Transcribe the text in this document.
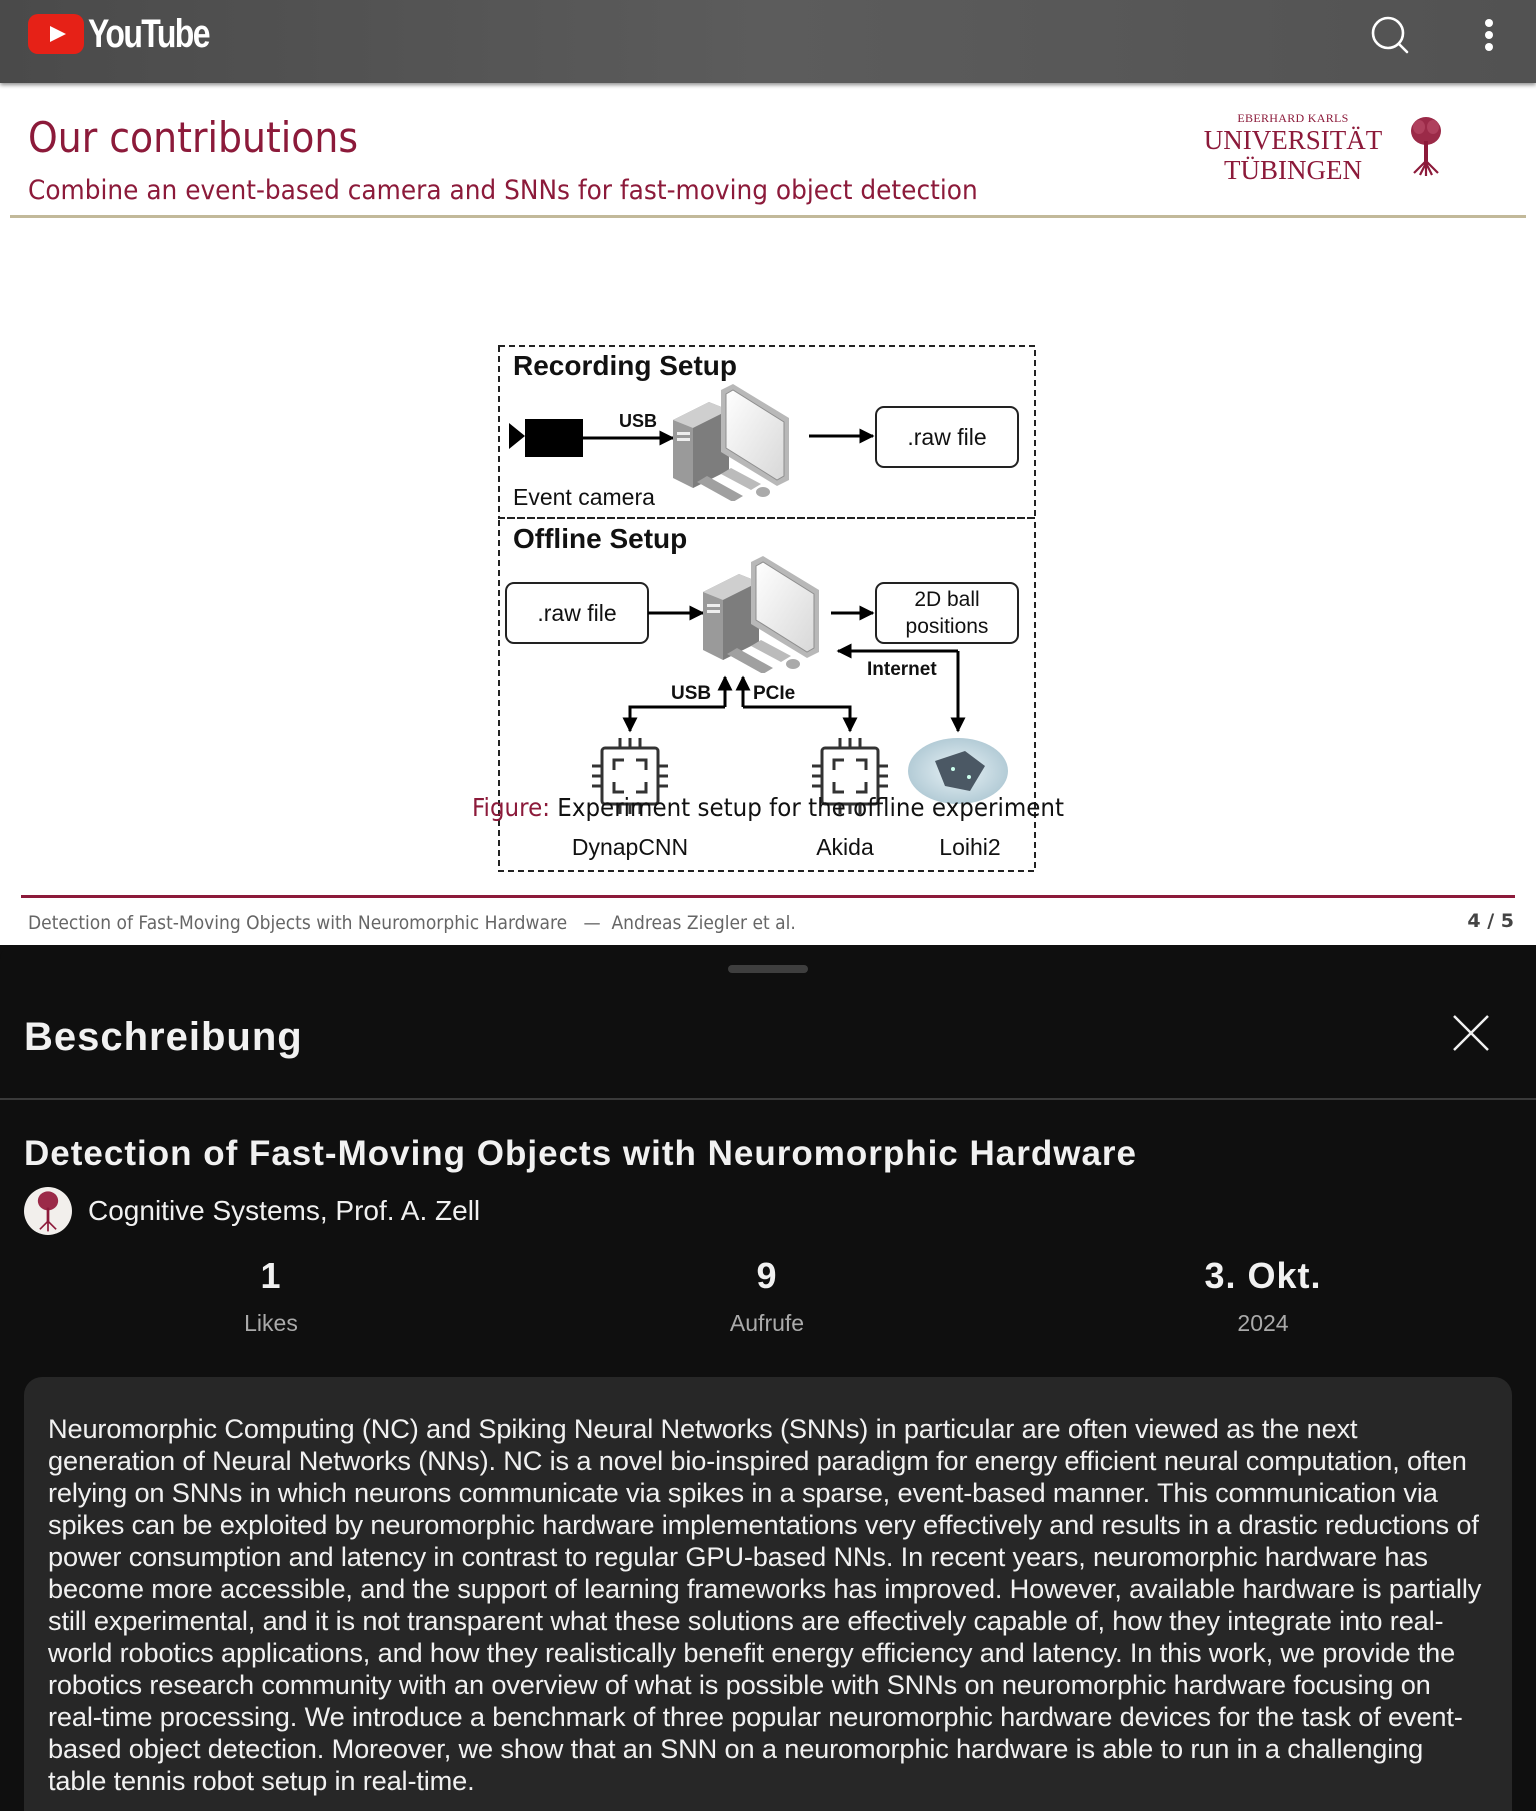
YouTube
Our contributions
Combine an event-based camera and SNNs for fast-moving object detection
EBERHARD KARLS
UNIVERSITÄT
TÜBINGEN
Recording Setup
USB
Event camera
.raw file
Offline Setup
.raw file
2D ball
positions
Internet
USB PCIe
DynapCNN	Akida	Loihi2
Figure: Experiment setup for the offline experiment
Detection of Fast-Moving Objects with Neuromorphic Hardware — Andreas Ziegler et al.	4 / 5
Beschreibung
Detection of Fast-Moving Objects with Neuromorphic Hardware
Cognitive Systems, Prof. A. Zell
1
Likes
9
Aufrufe
3. Okt.
2024
Neuromorphic Computing (NC) and Spiking Neural Networks (SNNs) in particular are often viewed as the next generation of Neural Networks (NNs). NC is a novel bio-inspired paradigm for energy efficient neural computation, often relying on SNNs in which neurons communicate via spikes in a sparse, event-based manner. This communication via spikes can be exploited by neuromorphic hardware implementations very effectively and results in a drastic reductions of power consumption and latency in contrast to regular GPU-based NNs. In recent years, neuromorphic hardware has become more accessible, and the support of learning frameworks has improved. However, available hardware is partially still experimental, and it is not transparent what these solutions are effectively capable of, how they integrate into real-world robotics applications, and how they realistically benefit energy efficiency and latency. In this work, we provide the robotics research community with an overview of what is possible with SNNs on neuromorphic hardware focusing on real-time processing. We introduce a benchmark of three popular neuromorphic hardware devices for the task of event-based object detection. Moreover, we show that an SNN on a neuromorphic hardware is able to run in a challenging table tennis robot setup in real-time.
